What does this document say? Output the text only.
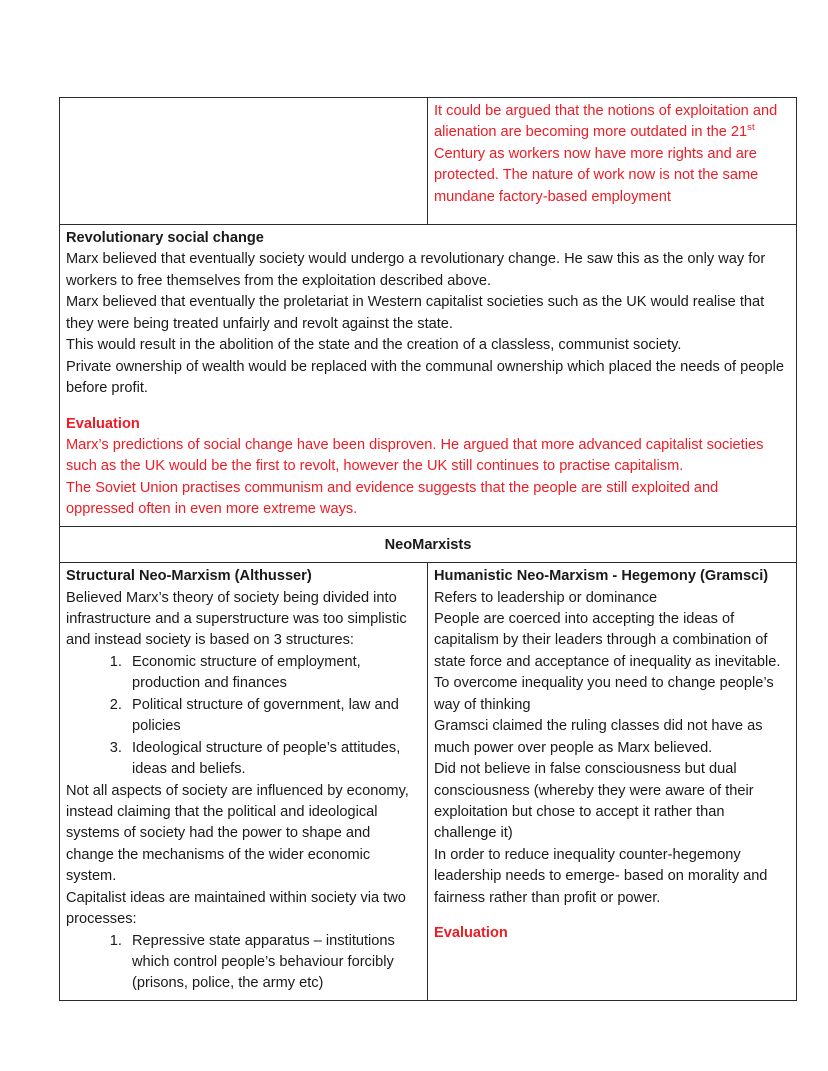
	It could be argued that the notions of exploitation and alienation are becoming more outdated in the 21st Century as workers now have more rights and are protected. The nature of work now is not the same mundane factory-based employment

Revolutionary social change

Marx believed that eventually society would undergo a revolutionary change. He saw this as the only way for workers to free themselves from the exploitation described above.

Marx believed that eventually the proletariat in Western capitalist societies such as the UK would realise that they were being treated unfairly and revolt against the state.

This would result in the abolition of the state and the creation of a classless, communist society.

Private ownership of wealth would be replaced with the communal ownership which placed the needs of people before profit.

Evaluation

Marx’s predictions of social change have been disproven. He argued that more advanced capitalist societies such as the UK would be the first to revolt, however the UK still continues to practise capitalism.

The Soviet Union practises communism and evidence suggests that the people are still exploited and oppressed often in even more extreme ways.

NeoMarxists	

Structural Neo-Marxism (Althusser)

Believed Marx’s theory of society being divided into infrastructure and a superstructure was too simplistic and instead society is based on 3 structures:

1. Economic structure of employment, production and finances
2. Political structure of government, law and policies
3. Ideological structure of people’s attitudes, ideas and beliefs.

Not all aspects of society are influenced by economy, instead claiming that the political and ideological systems of society had the power to shape and change the mechanisms of the wider economic system.

Capitalist ideas are maintained within society via two processes:

1. Repressive state apparatus – institutions which control people’s behaviour forcibly (prisons, police, the army etc)

Humanistic Neo-Marxism - Hegemony (Gramsci)

Refers to leadership or dominance

People are coerced into accepting the ideas of capitalism by their leaders through a combination of state force and acceptance of inequality as inevitable.

To overcome inequality you need to change people’s way of thinking

Gramsci claimed the ruling classes did not have as much power over people as Marx believed.

Did not believe in false consciousness but dual consciousness (whereby they were aware of their exploitation but chose to accept it rather than challenge it)

In order to reduce inequality counter-hegemony leadership needs to emerge- based on morality and fairness rather than profit or power.

Evaluation
